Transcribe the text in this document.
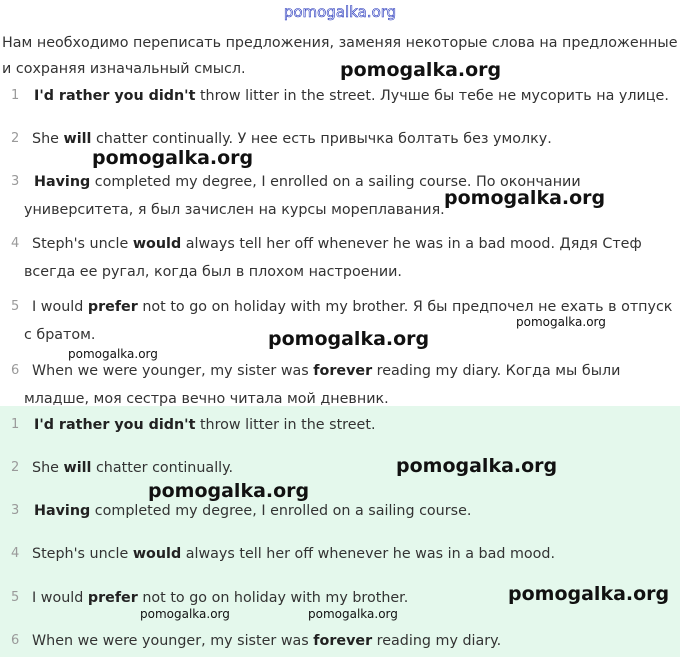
pomogalka.org
Нам необходимо переписать предложения, заменяя некоторые слова на предложенные и сохраняя изначальный смысл.
1 I'd rather you didn't throw litter in the street. Лучше бы тебе не мусорить на улице.
2 She will chatter continually. У нее есть привычка болтать без умолку.
3 Having completed my degree, I enrolled on a sailing course. По окончании университета, я был зачислен на курсы мореплавания.
4 Steph's uncle would always tell her off whenever he was in a bad mood. Дядя Стеф всегда ее ругал, когда был в плохом настроении.
5 I would prefer not to go on holiday with my brother. Я бы предпочел не ехать в отпуск с братом.
6 When we were younger, my sister was forever reading my diary. Когда мы были младше, моя сестра вечно читала мой дневник.
1 I'd rather you didn't throw litter in the street.
2 She will chatter continually.
3 Having completed my degree, I enrolled on a sailing course.
4 Steph's uncle would always tell her off whenever he was in a bad mood.
5 I would prefer not to go on holiday with my brother.
6 When we were younger, my sister was forever reading my diary.
pomogalka.org
pomogalka.org
pomogalka.org
pomogalka.org
pomogalka.org
pomogalka.org
pomogalka.org
pomogalka.org
pomogalka.org
pomogalka.org	pomogalka.org
